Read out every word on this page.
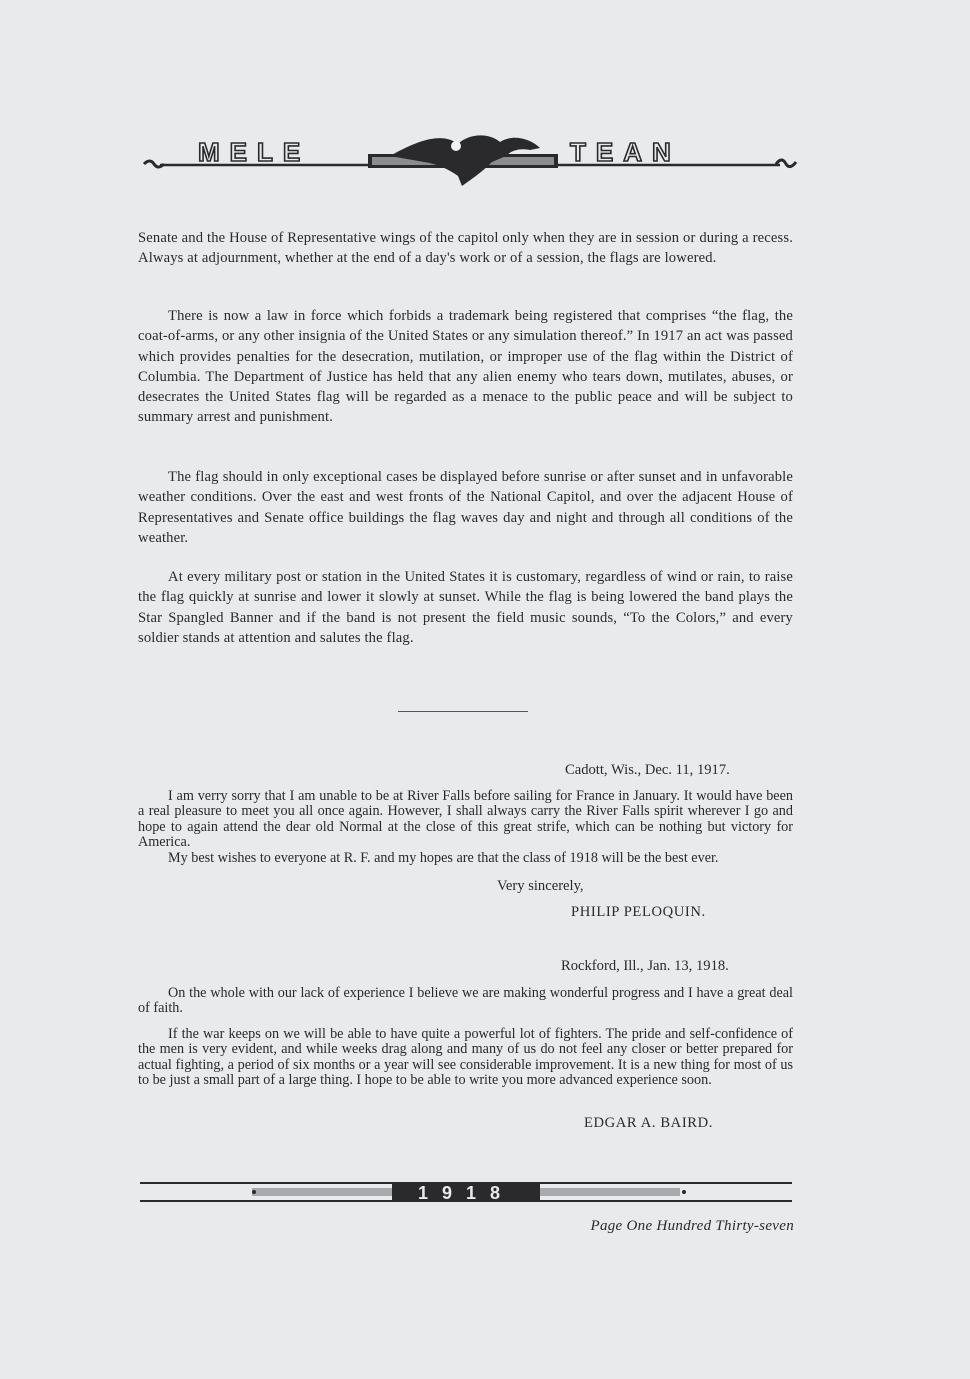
MELE	TEAN

Senate and the House of Representative wings of the capitol only when they are in session or during a recess. Always at adjournment, whether at the end of a day's work or of a session, the flags are lowered.

There is now a law in force which forbids a trademark being registered that comprises “the flag, the coat-of-arms, or any other insignia of the United States or any simulation thereof.” In 1917 an act was passed which provides penalties for the desecration, mutilation, or improper use of the flag within the District of Columbia. The Department of Justice has held that any alien enemy who tears down, mutilates, abuses, or desecrates the United States flag will be regarded as a menace to the public peace and will be subject to summary arrest and punishment.

The flag should in only exceptional cases be displayed before sunrise or after sunset and in unfavorable weather conditions. Over the east and west fronts of the National Capitol, and over the adjacent House of Representatives and Senate office buildings the flag waves day and night and through all conditions of the weather.

At every military post or station in the United States it is customary, regardless of wind or rain, to raise the flag quickly at sunrise and lower it slowly at sunset. While the flag is being lowered the band plays the Star Spangled Banner and if the band is not present the field music sounds, “To the Colors,” and every soldier stands at attention and salutes the flag.

Cadott, Wis., Dec. 11, 1917.

I am verry sorry that I am unable to be at River Falls before sailing for France in January. It would have been a real pleasure to meet you all once again. However, I shall always carry the River Falls spirit wherever I go and hope to again attend the dear old Normal at the close of this great strife, which can be nothing but victory for America.

My best wishes to everyone at R. F. and my hopes are that the class of 1918 will be the best ever.

Very sincerely,
PHILIP PELOQUIN.
Rockford, Ill., Jan. 13, 1918.

On the whole with our lack of experience I believe we are making wonderful progress and I have a great deal of faith.

If the war keeps on we will be able to have quite a powerful lot of fighters. The pride and self-confidence of the men is very evident, and while weeks drag along and many of us do not feel any closer or better prepared for actual fighting, a period of six months or a year will see considerable improvement. It is a new thing for most of us to be just a small part of a large thing. I hope to be able to write you more advanced experience soon.

EDGAR A. BAIRD.
1918
Page One Hundred Thirty-seven
